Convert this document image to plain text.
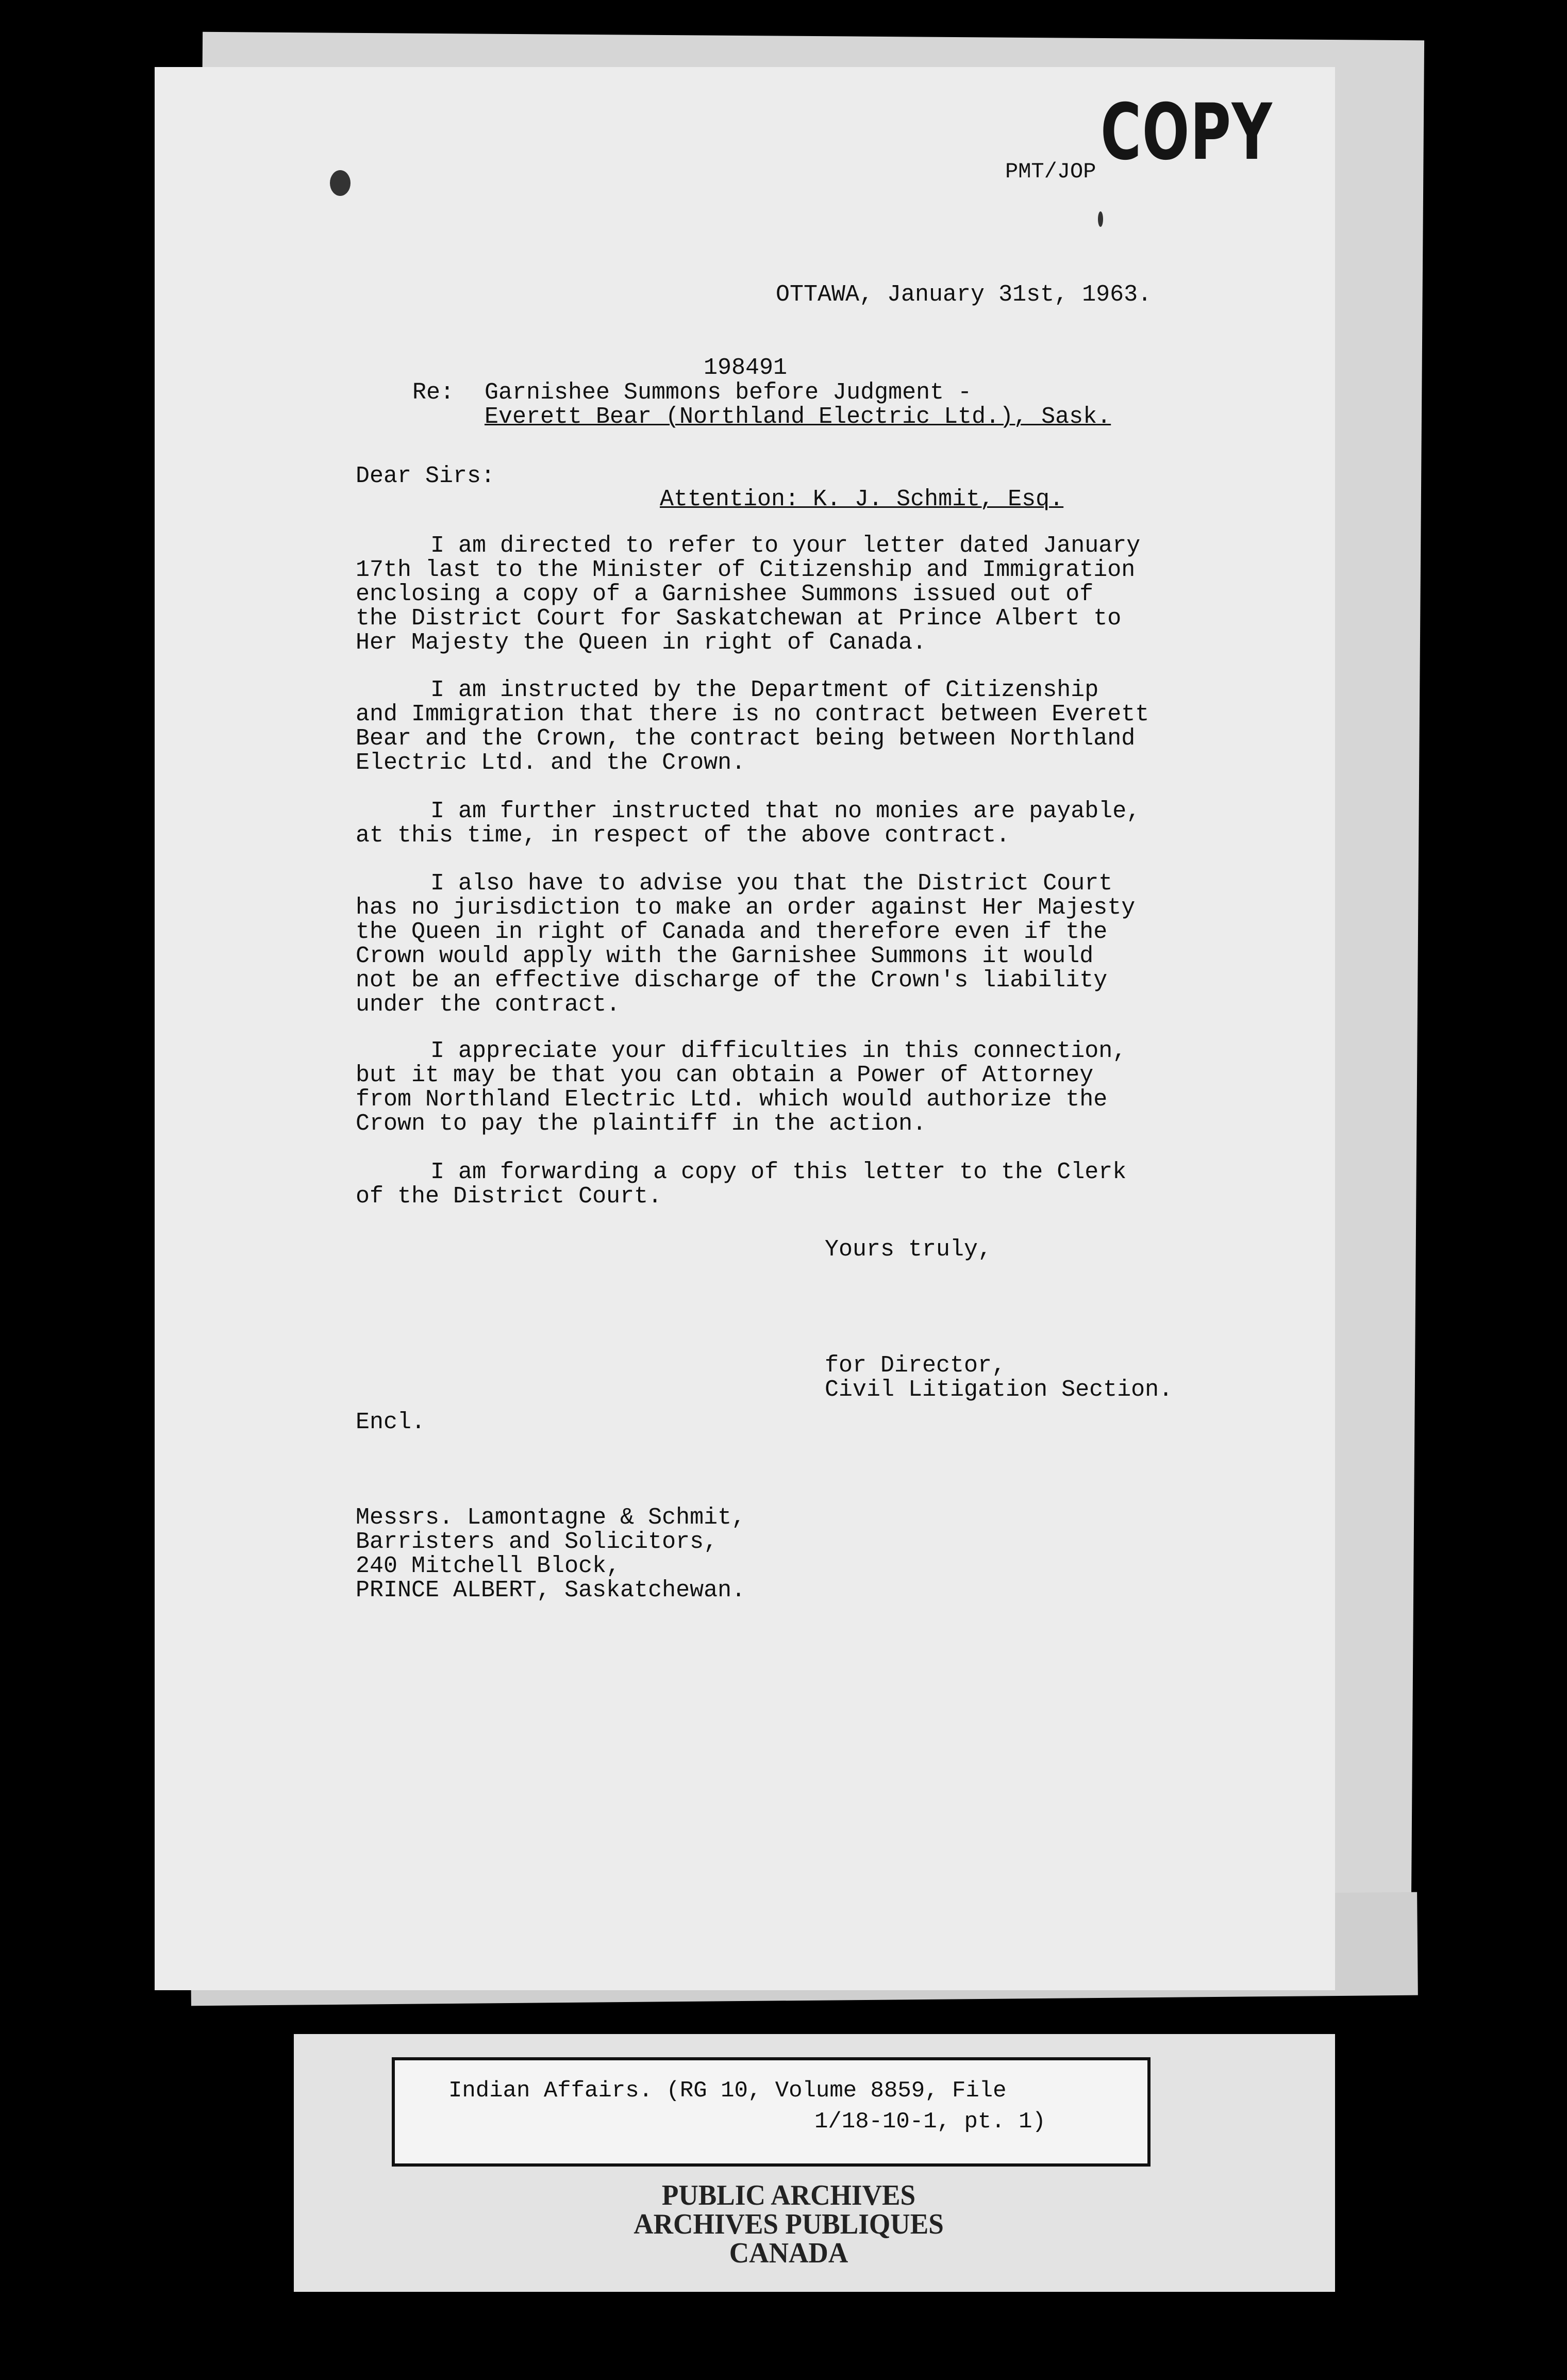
COPY

PMT/JOP

OTTAWA, January 31st, 1963.

198491

Re: Garnishee Summons before Judgment -

Everett Bear (Northland Electric Ltd.), Sask.

Dear Sirs:

Attention: K. J. Schmit, Esq.

I am directed to refer to your letter dated January
17th last to the Minister of Citizenship and Immigration
enclosing a copy of a Garnishee Summons issued out of
the District Court for Saskatchewan at Prince Albert to
Her Majesty the Queen in right of Canada.

I am instructed by the Department of Citizenship
and Immigration that there is no contract between Everett
Bear and the Crown, the contract being between Northland
Electric Ltd. and the Crown.

I am further instructed that no monies are payable,
at this time, in respect of the above contract.

I also have to advise you that the District Court
has no jurisdiction to make an order against Her Majesty
the Queen in right of Canada and therefore even if the
Crown would apply with the Garnishee Summons it would
not be an effective discharge of the Crown's liability
under the contract.

I appreciate your difficulties in this connection,
but it may be that you can obtain a Power of Attorney
from Northland Electric Ltd. which would authorize the
Crown to pay the plaintiff in the action.

I am forwarding a copy of this letter to the Clerk
of the District Court.

Yours truly,

for Director,

Civil Litigation Section.

Encl.

Messrs. Lamontagne & Schmit,
Barristers and Solicitors,
240 Mitchell Block,
PRINCE ALBERT, Saskatchewan.

Indian Affairs. (RG 10, Volume 8859, File
1/18-10-1, pt. 1)
PUBLIC ARCHIVES
ARCHIVES PUBLIQUES
CANADA
